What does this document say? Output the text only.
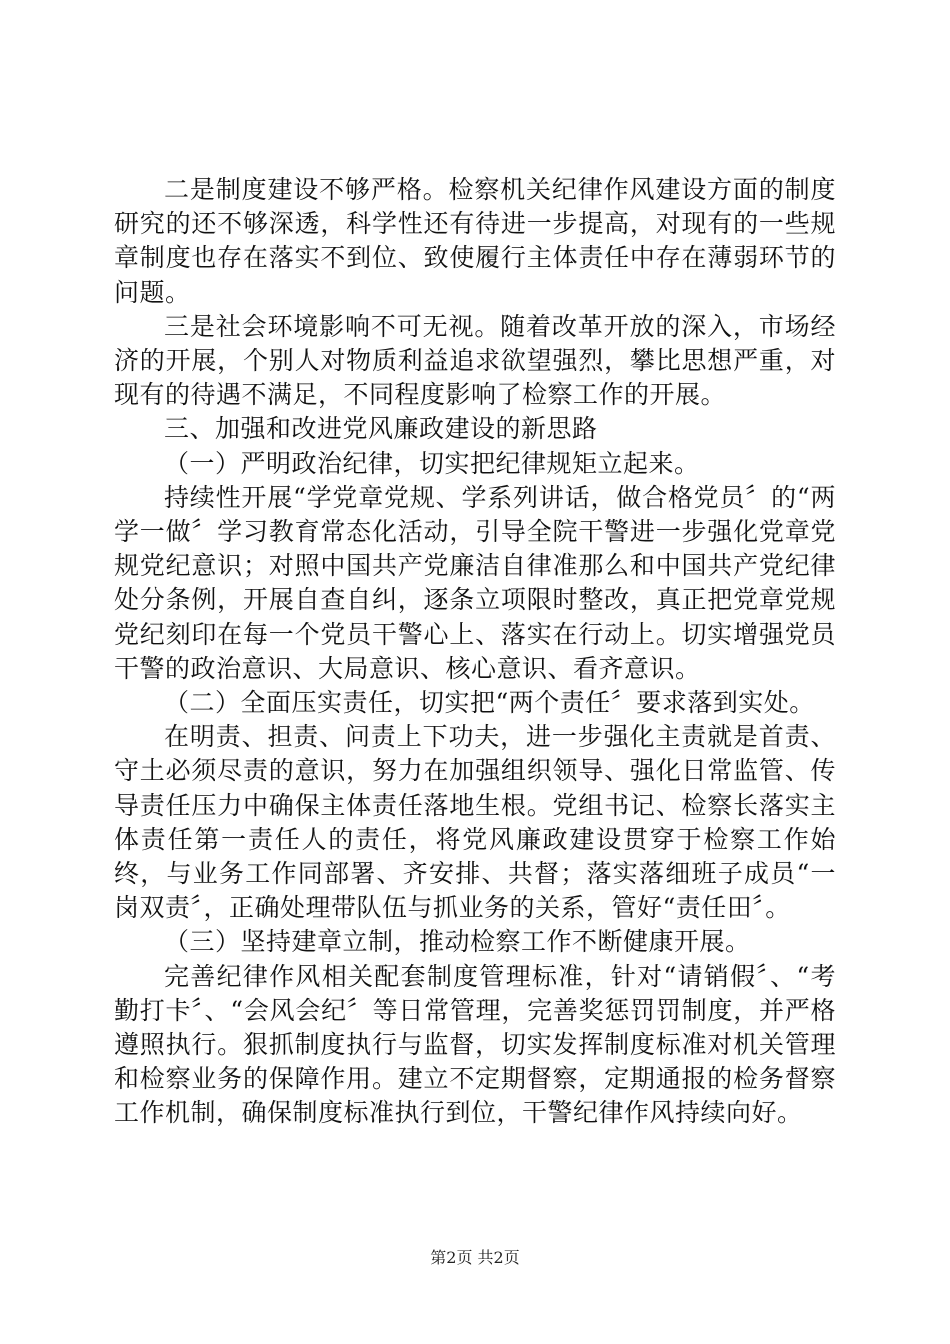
二是制度建设不够严格。检察机关纪律作风建设方面的制度研究的还不够深透，科学性还有待进一步提高，对现有的一些规章制度也存在落实不到位、致使履行主体责任中存在薄弱环节的问题。

三是社会环境影响不可无视。随着改革开放的深入，市场经济的开展，个别人对物质利益追求欲望强烈，攀比思想严重，对现有的待遇不满足，不同程度影响了检察工作的开展。

三、加强和改进党风廉政建设的新思路

（一）严明政治纪律，切实把纪律规矩立起来。

持续性开展“学党章党规、学系列讲话，做合格党员〞的“两学一做〞学习教育常态化活动，引导全院干警进一步强化党章党规党纪意识；对照中国共产党廉洁自律准那么和中国共产党纪律处分条例，开展自查自纠，逐条立项限时整改，真正把党章党规党纪刻印在每一个党员干警心上、落实在行动上。切实增强党员干警的政治意识、大局意识、核心意识、看齐意识。

（二）全面压实责任，切实把“两个责任〞要求落到实处。

在明责、担责、问责上下功夫，进一步强化主责就是首责、守土必须尽责的意识，努力在加强组织领导、强化日常监管、传导责任压力中确保主体责任落地生根。党组书记、检察长落实主体责任第一责任人的责任，将党风廉政建设贯穿于检察工作始终，与业务工作同部署、齐安排、共督；落实落细班子成员“一岗双责〞，正确处理带队伍与抓业务的关系，管好“责任田〞。

（三）坚持建章立制，推动检察工作不断健康开展。

完善纪律作风相关配套制度管理标准，针对“请销假〞、“考勤打卡〞、“会风会纪〞等日常管理，完善奖惩罚罚制度，并严格遵照执行。狠抓制度执行与监督，切实发挥制度标准对机关管理和检察业务的保障作用。建立不定期督察，定期通报的检务督察工作机制，确保制度标准执行到位，干警纪律作风持续向好。

第2页 共2页
